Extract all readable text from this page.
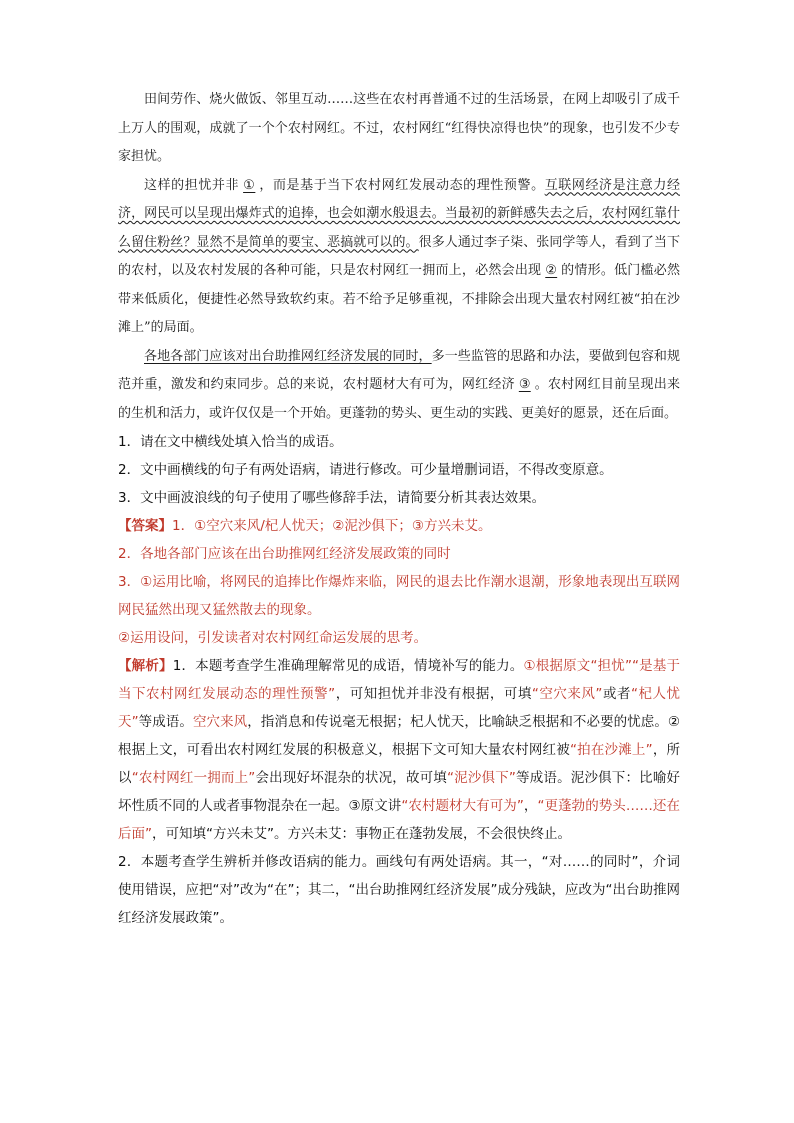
田间劳作、烧火做饭、邻里互动……这些在农村再普通不过的生活场景，在网上却吸引了成千上万人的围观，成就了一个个农村网红。不过，农村网红“红得快凉得也快”的现象，也引发不少专家担忧。

这样的担忧并非 ① ，而是基于当下农村网红发展动态的理性预警。互联网经济是注意力经济，网民可以呈现出爆炸式的追捧，也会如潮水般退去。当最初的新鲜感失去之后，农村网红靠什么留住粉丝？显然不是简单的要宝、恶搞就可以的。很多人通过李子柒、张同学等人，看到了当下的农村，以及农村发展的各种可能，只是农村网红一拥而上，必然会出现 ② 的情形。低门槛必然带来低质化，便捷性必然导致软约束。若不给予足够重视，不排除会出现大量农村网红被“拍在沙滩上”的局面。

各地各部门应该对出台助推网红经济发展的同时，多一些监管的思路和办法，要做到包容和规范并重，激发和约束同步。总的来说，农村题材大有可为，网红经济 ③ 。农村网红目前呈现出来的生机和活力，或许仅仅是一个开始。更蓬勃的势头、更生动的实践、更美好的愿景，还在后面。

1．请在文中横线处填入恰当的成语。
2．文中画横线的句子有两处语病，请进行修改。可少量增删词语，不得改变原意。
3．文中画波浪线的句子使用了哪些修辞手法，请简要分析其表达效果。
【答案】1．①空穴来风/杞人忧天；②泥沙俱下；③方兴未艾。
2．各地各部门应该在出台助推网红经济发展政策的同时
3．①运用比喻，将网民的追捧比作爆炸来临，网民的退去比作潮水退潮，形象地表现出互联网网民猛然出现又猛然散去的现象。
②运用设问，引发读者对农村网红命运发展的思考。
【解析】1．本题考查学生准确理解常见的成语，情境补写的能力。①根据原文“担忧”“是基于当下农村网红发展动态的理性预警”，可知担忧并非没有根据，可填“空穴来风”或者“杞人忧天”等成语。空穴来风，指消息和传说毫无根据；杞人忧天，比喻缺乏根据和不必要的忧虑。②根据上文，可看出农村网红发展的积极意义，根据下文可知大量农村网红被“拍在沙滩上”，所以“农村网红一拥而上”会出现好坏混杂的状况，故可填“泥沙俱下”等成语。泥沙俱下：比喻好坏性质不同的人或者事物混杂在一起。③原文讲“农村题材大有可为”，“更蓬勃的势头……还在后面”，可知填“方兴未艾”。方兴未艾：事物正在蓬勃发展，不会很快终止。
2．本题考查学生辨析并修改语病的能力。画线句有两处语病。其一，“对……的同时”，介词使用错误，应把“对”改为“在”；其二，“出台助推网红经济发展”成分残缺，应改为“出台助推网红经济发展政策”。
